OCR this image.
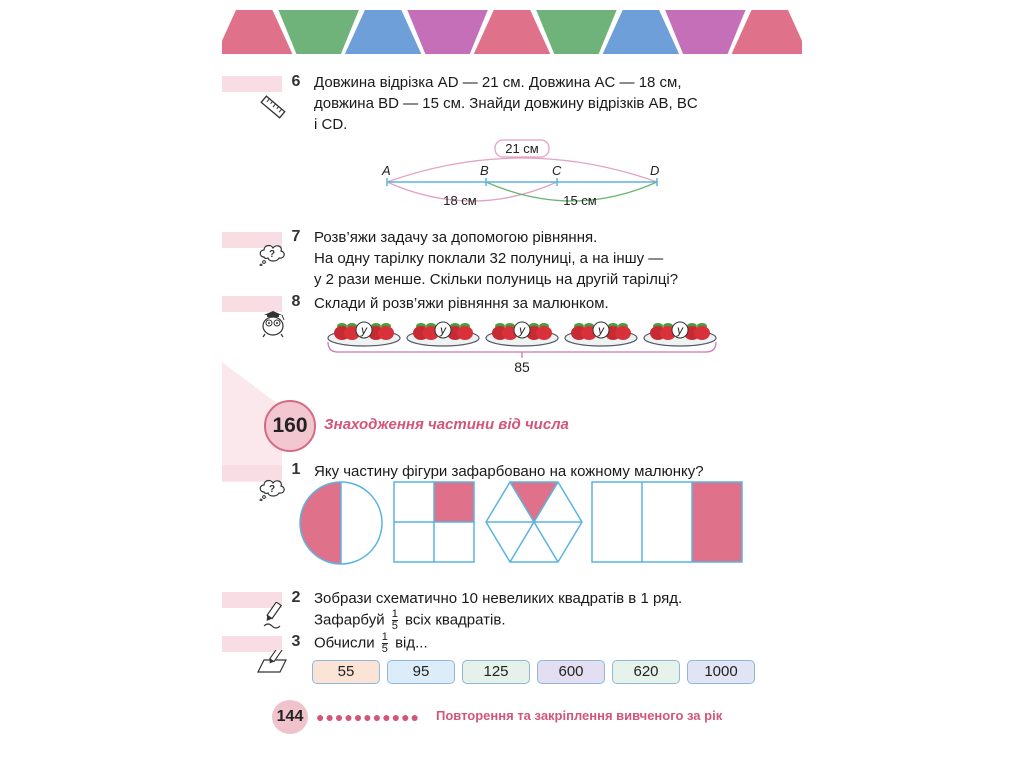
6 Довжина відрізка AD — 21 см. Довжина AC — 18 см,
довжина BD — 15 см. Знайди довжину відрізків AB, BC
і CD.
21 см
A	B	C	D
18 см	15 см
7
?
Розв’яжи задачу за допомогою рівняння.
На одну тарілку поклали 32 полуниці, а на іншу —
у 2 рази менше. Скільки полуниць на другій тарілці?
8 Склади й розв’яжи рівняння за малюнком.
у	у	у	у	у
85
160	Знаходження частини від числа
1
?
Яку частину фігури зафарбовано на кожному малюнку?
2 Зобрази схематично 10 невеликих квадратів в 1 ряд.
Зафарбуй $\frac{1}{5}$ всіх квадратів.
3 Обчисли $\frac{1}{5}$ від...
55	95	125	600	620	1000
144 ●●●●●●●●●●● Повторення та закріплення вивченого за рік
